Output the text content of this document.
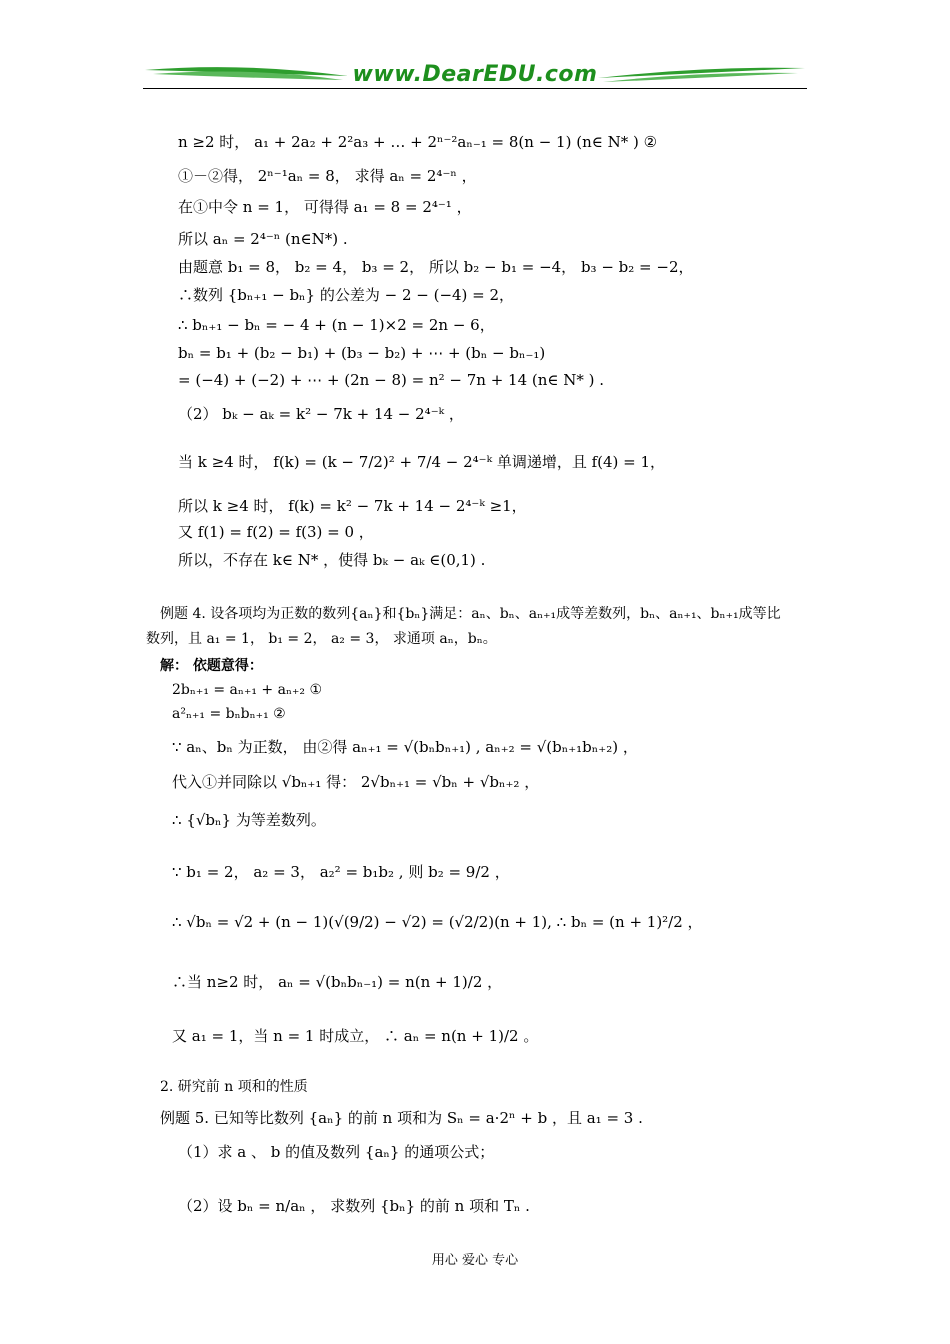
www.DearEDU.com
n ≥2 时， a₁ + 2a₂ + 2²a₃ + … + 2ⁿ⁻²aₙ₋₁ = 8(n − 1) (n∈ N* ) ②
①－②得， 2ⁿ⁻¹aₙ = 8， 求得 aₙ = 2⁴⁻ⁿ ，
在①中令 n = 1， 可得得 a₁ = 8 = 2⁴⁻¹ ，
所以 aₙ = 2⁴⁻ⁿ (n∈N*) .
由题意 b₁ = 8， b₂ = 4， b₃ = 2， 所以 b₂ − b₁ = −4， b₃ − b₂ = −2，
∴数列 {bₙ₊₁ − bₙ} 的公差为 − 2 − (−4) = 2，
∴ bₙ₊₁ − bₙ = − 4 + (n − 1)×2 = 2n − 6，
bₙ = b₁ + (b₂ − b₁) + (b₃ − b₂) + ⋯ + (bₙ − bₙ₋₁)
= (−4) + (−2) + ⋯ + (2n − 8) = n² − 7n + 14 (n∈ N* ) .
（2） bₖ − aₖ = k² − 7k + 14 − 2⁴⁻ᵏ ，
当 k ≥4 时， f(k) = (k − 7/2)² + 7/4 − 2⁴⁻ᵏ 单调递增，且 f(4) = 1，
所以 k ≥4 时， f(k) = k² − 7k + 14 − 2⁴⁻ᵏ ≥1，
又 f(1) = f(2) = f(3) = 0 ，
所以，不存在 k∈ N* ，使得 bₖ − aₖ ∈(0,1) .
例题 4. 设各项均为正数的数列{aₙ}和{bₙ}满足：aₙ、bₙ、aₙ₊₁成等差数列，bₙ、aₙ₊₁、bₙ₊₁成等比
数列，且 a₁ = 1， b₁ = 2， a₂ = 3， 求通项 aₙ，bₙ。
解： 依题意得：
2bₙ₊₁ = aₙ₊₁ + aₙ₊₂ ①
a²ₙ₊₁ = bₙbₙ₊₁ ②
∵ aₙ、bₙ 为正数， 由②得 aₙ₊₁ = √(bₙbₙ₊₁) , aₙ₊₂ = √(bₙ₊₁bₙ₊₂) ，
代入①并同除以 √bₙ₊₁ 得： 2√bₙ₊₁ = √bₙ + √bₙ₊₂ ，
∴ {√bₙ} 为等差数列。
∵ b₁ = 2， a₂ = 3， a₂² = b₁b₂ , 则 b₂ = 9/2 ，
∴ √bₙ = √2 + (n − 1)(√(9/2) − √2) = (√2/2)(n + 1), ∴ bₙ = (n + 1)²/2 ，
∴当 n≥2 时， aₙ = √(bₙbₙ₋₁) = n(n + 1)/2 ，
又 a₁ = 1，当 n = 1 时成立， ∴ aₙ = n(n + 1)/2 。
2. 研究前 n 项和的性质
例题 5. 已知等比数列 {aₙ} 的前 n 项和为 Sₙ = a·2ⁿ + b ，且 a₁ = 3 .
（1）求 a 、 b 的值及数列 {aₙ} 的通项公式；
（2）设 bₙ = n/aₙ ， 求数列 {bₙ} 的前 n 项和 Tₙ .
用心 爱心 专心
